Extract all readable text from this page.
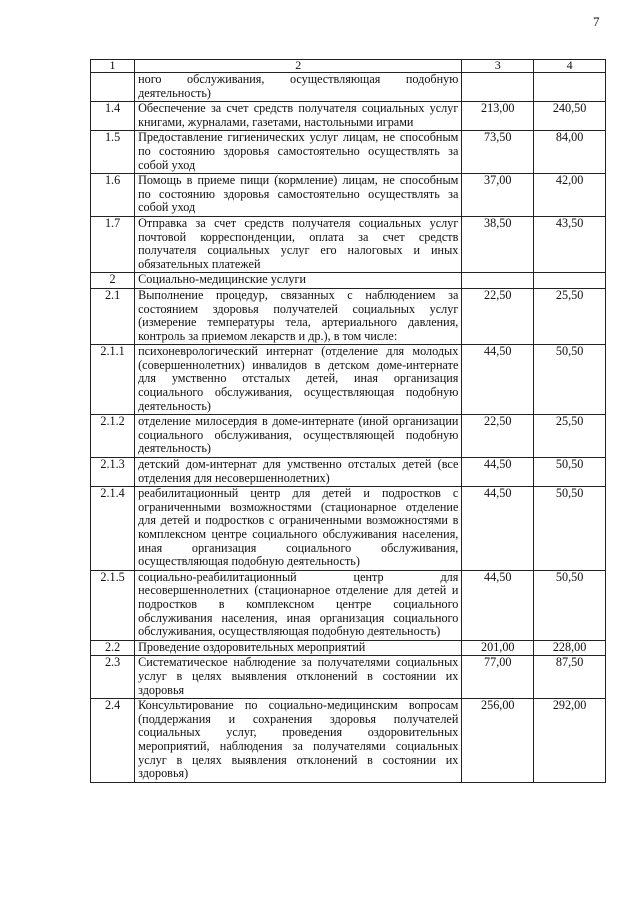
7
1	2	3	4
	ного обслуживания, осуществляющая подобную деятельность)		
1.4	Обеспечение за счет средств получателя социальных услуг книгами, журналами, газетами, настольными играми	213,00	240,50
1.5	Предоставление гигиенических услуг лицам, не способным по состоянию здоровья самостоятельно осуществлять за собой уход	73,50	84,00
1.6	Помощь в приеме пищи (кормление) лицам, не способным по состоянию здоровья самостоятельно осуществлять за собой уход	37,00	42,00
1.7	Отправка за счет средств получателя социальных услуг почтовой корреспонденции, оплата за счет средств получателя социальных услуг его налоговых и иных обязательных платежей	38,50	43,50
2	Социально-медицинские услуги		
2.1	Выполнение процедур, связанных с наблюдением за состоянием здоровья получателей социальных услуг (измерение температуры тела, артериального давления, контроль за приемом лекарств и др.), в том числе:	22,50	25,50
2.1.1	психоневрологический интернат (отделение для молодых (совершеннолетних) инвалидов в детском доме-интернате для умственно отсталых детей, иная организация социального обслуживания, осуществляющая подобную деятельность)	44,50	50,50
2.1.2	отделение милосердия в доме-интернате (иной организации социального обслуживания, осуществляющей подобную деятельность)	22,50	25,50
2.1.3	детский дом-интернат для умственно отсталых детей (все отделения для несовершеннолетних)	44,50	50,50
2.1.4	реабилитационный центр для детей и подростков с ограниченными возможностями (стационарное отделение для детей и подростков с ограниченными возможностями в комплексном центре социального обслуживания населения, иная организация социального обслуживания, осуществляющая подобную деятельность)	44,50	50,50
2.1.5	социально-реабилитационный центр для несовершеннолетних (стационарное отделение для детей и подростков в комплексном центре социального обслуживания населения, иная организация социального обслуживания, осуществляющая подобную деятельность)	44,50	50,50
2.2	Проведение оздоровительных мероприятий	201,00	228,00
2.3	Систематическое наблюдение за получателями социальных услуг в целях выявления отклонений в состоянии их здоровья	77,00	87,50
2.4	Консультирование по социально-медицинским вопросам (поддержания и сохранения здоровья получателей социальных услуг, проведения оздоровительных мероприятий, наблюдения за получателями социальных услуг в целях выявления отклонений в состоянии их здоровья)	256,00	292,00
